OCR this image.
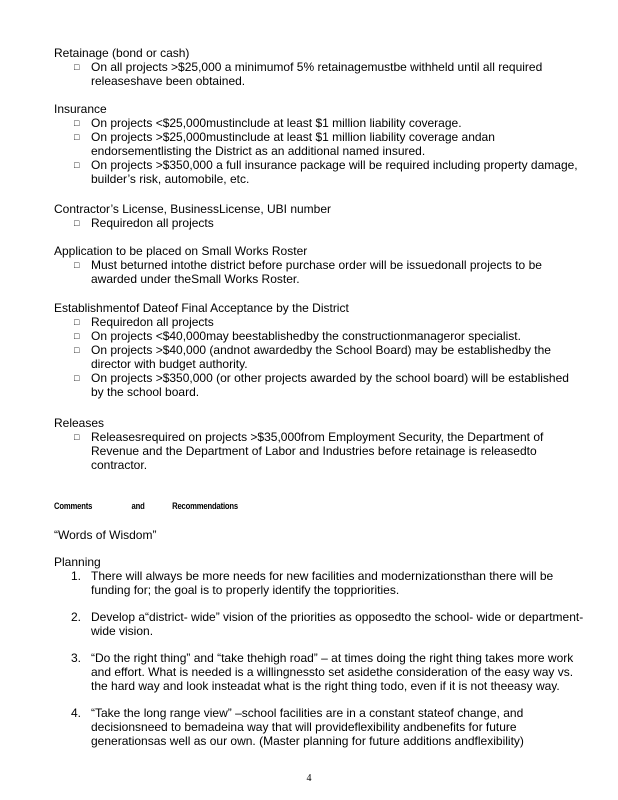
Retainage (bond or cash)
□ On all projects >$25,000 a minimumof 5% retainagemustbe withheld until all required releaseshave been obtained.
Insurance
□ On projects <$25,000mustinclude at least $1 million liability coverage.
□ On projects >$25,000mustinclude at least $1 million liability coverage andan endorsementlisting the District as an additional named insured.
□ On projects >$350,000 a full insurance package will be required including property damage, builder’s risk, automobile, etc.
Contractor’s License, BusinessLicense, UBI number
□ Requiredon all projects
Application to be placed on Small Works Roster
□ Must beturned intothe district before purchase order will be issuedonall projects to be awarded under theSmall Works Roster.
Establishmentof Dateof Final Acceptance by the District
□ Requiredon all projects
□ On projects <$40,000may beestablishedby the constructionmanageror specialist.
□ On projects >$40,000 (andnot awardedby the School Board) may be establishedby the director with budget authority.
□ On projects >$350,000 (or other projects awarded by the school board) will be established by the school board.
Releases
□ Releasesrequired on projects >$35,000from Employment Security, the Department of Revenue and the Department of Labor and Industries before retainage is releasedto contractor.
Comments	and	Recommendations
“Words of Wisdom”
Planning
1. There will always be more needs for new facilities and modernizationsthan there will be funding for; the goal is to properly identify the toppriorities.
2. Develop a“district- wide” vision of the priorities as opposedto the school- wide or department-wide vision.
3. “Do the right thing” and “take thehigh road” – at times doing the right thing takes more work and effort. What is needed is a willingnessto set asidethe consideration of the easy way vs. the hard way and look insteadat what is the right thing todo, even if it is not theeasy way.
4. “Take the long range view” –school facilities are in a constant stateof change, and decisionsneed to bemadeina way that will provideflexibility andbenefits for future generationsas well as our own. (Master planning for future additions andflexibility)
4
